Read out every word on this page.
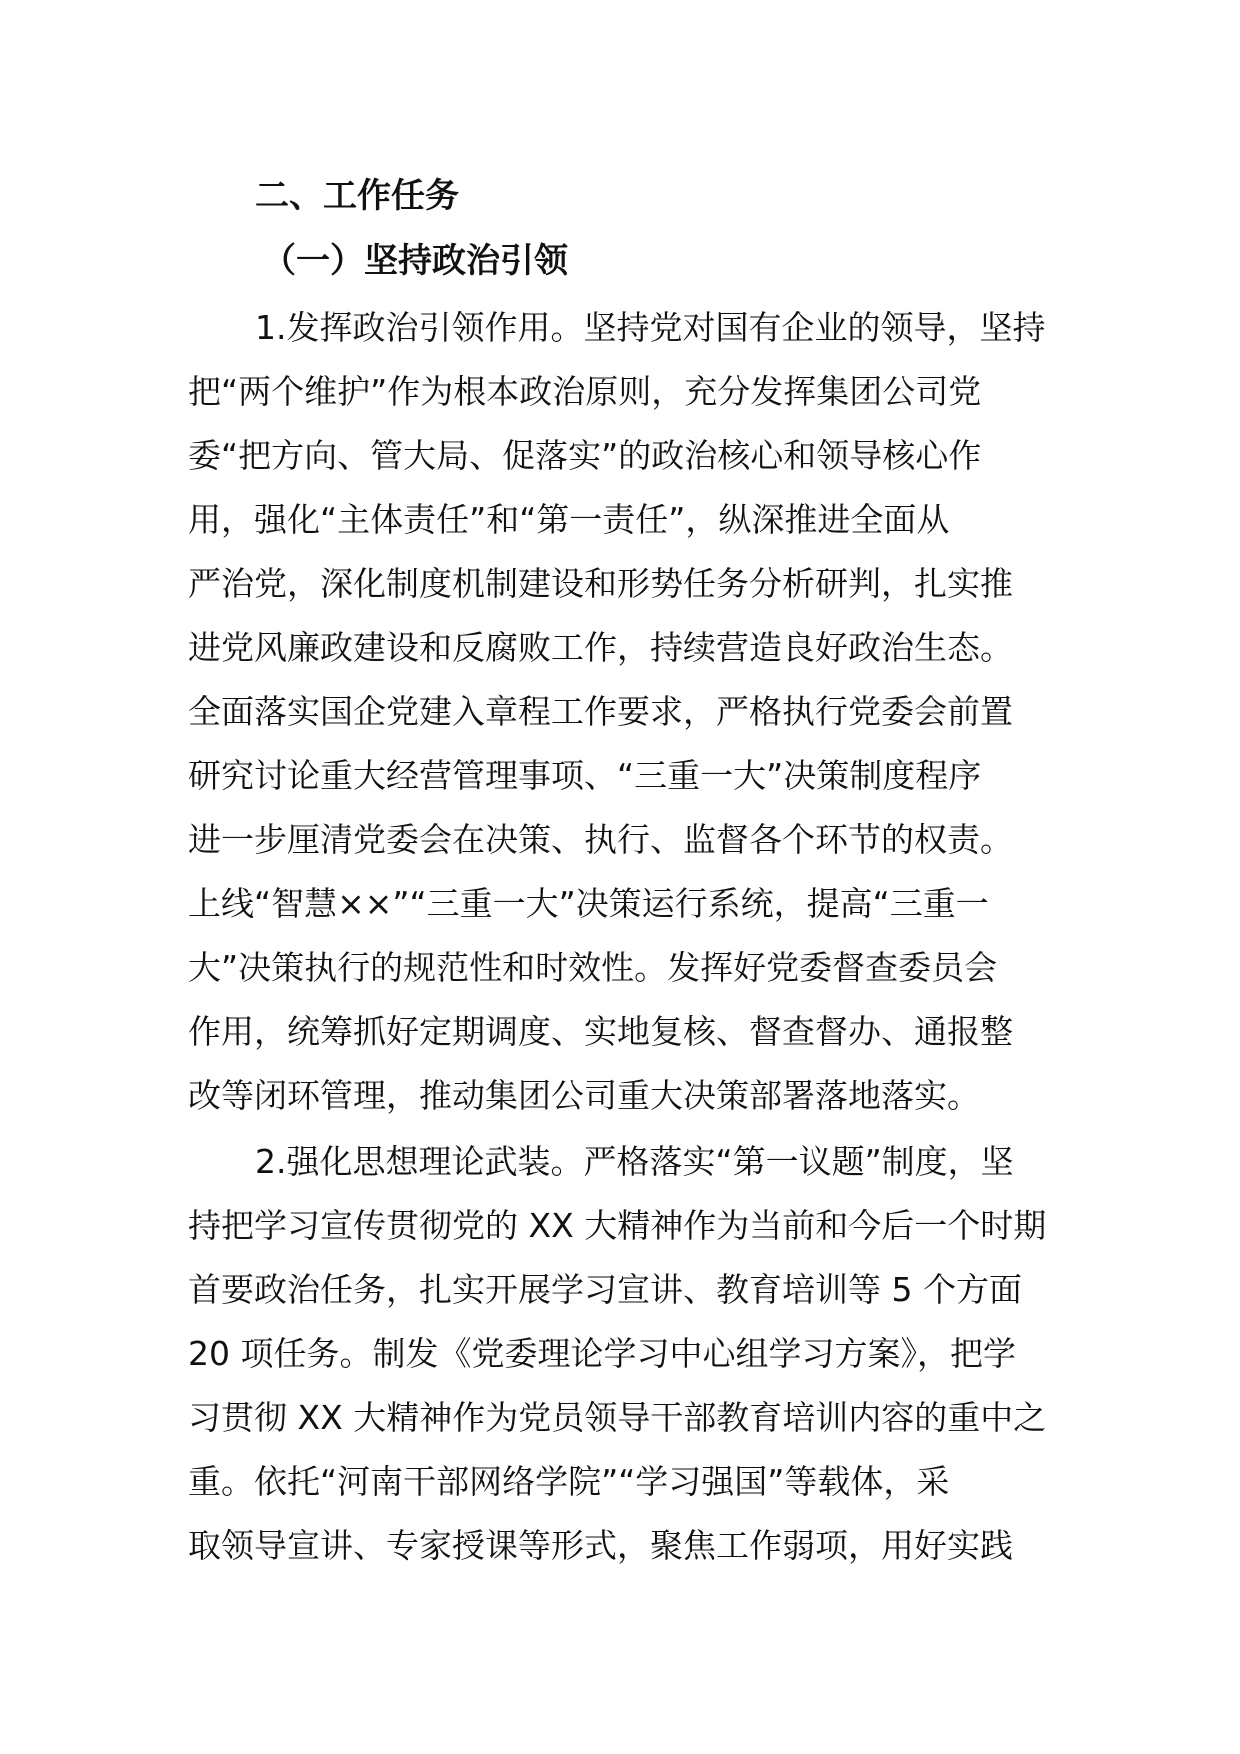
二、工作任务
（一）坚持政治引领
1.发挥政治引领作用。坚持党对国有企业的领导，坚持
把“两个维护”作为根本政治原则，充分发挥集团公司党
委“把方向、管大局、促落实”的政治核心和领导核心作
用，强化“主体责任”和“第一责任”，纵深推进全面从
严治党，深化制度机制建设和形势任务分析研判，扎实推
进党风廉政建设和反腐败工作，持续营造良好政治生态。
全面落实国企党建入章程工作要求，严格执行党委会前置
研究讨论重大经营管理事项、“三重一大”决策制度程序
进一步厘清党委会在决策、执行、监督各个环节的权责。
上线“智慧××”“三重一大”决策运行系统，提高“三重一
大”决策执行的规范性和时效性。发挥好党委督查委员会
作用，统筹抓好定期调度、实地复核、督查督办、通报整
改等闭环管理，推动集团公司重大决策部署落地落实。
2.强化思想理论武装。严格落实“第一议题”制度，坚
持把学习宣传贯彻党的 XX 大精神作为当前和今后一个时期
首要政治任务，扎实开展学习宣讲、教育培训等 5 个方面
20 项任务。制发《党委理论学习中心组学习方案》，把学
习贯彻 XX 大精神作为党员领导干部教育培训内容的重中之
重。依托“河南干部网络学院”“学习强国”等载体，采
取领导宣讲、专家授课等形式，聚焦工作弱项，用好实践
